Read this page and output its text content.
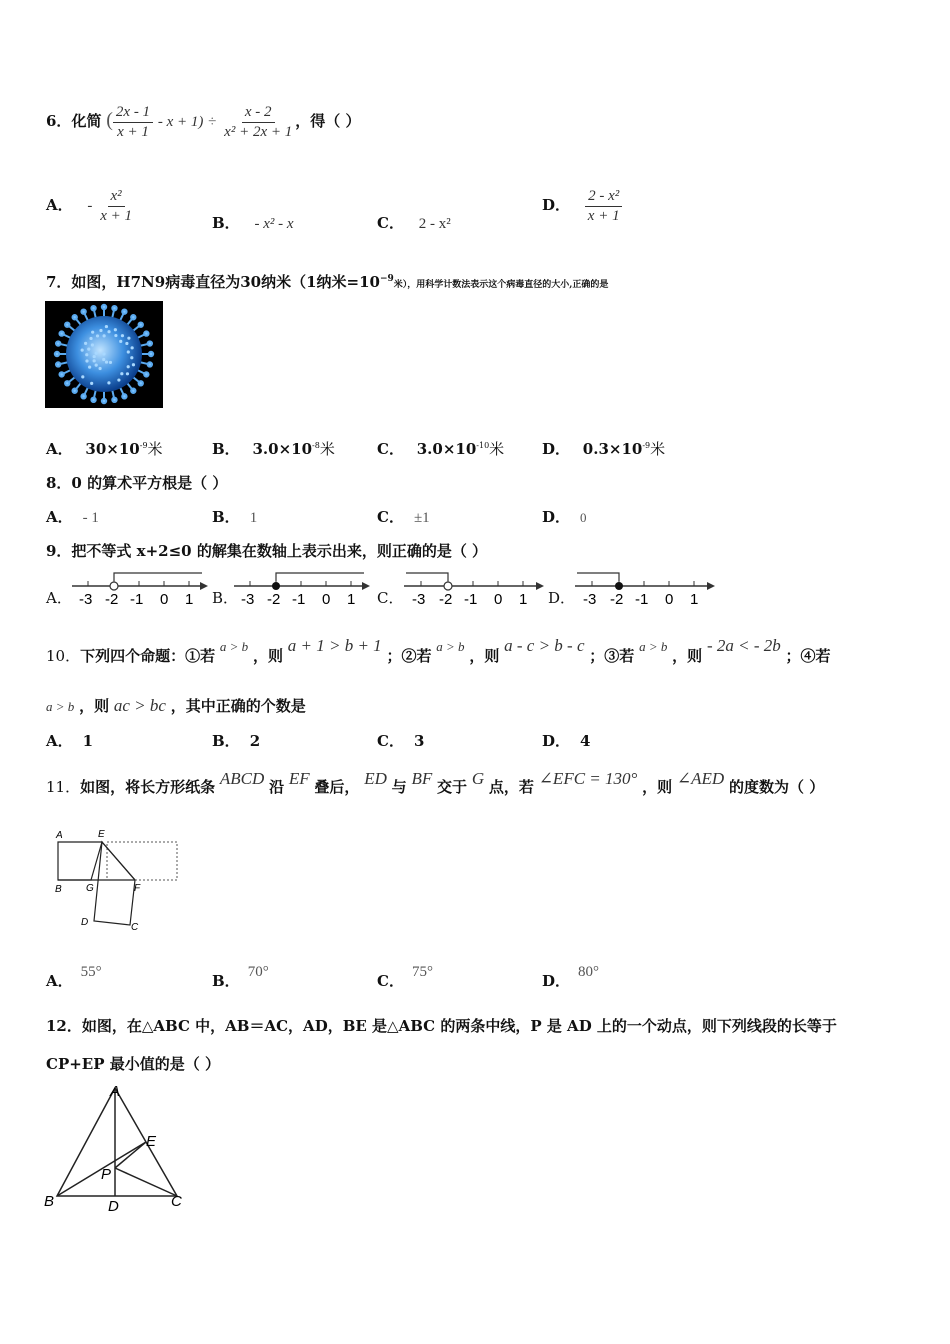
6．化简 ( $\frac{2x - 1}{x + 1} - x + 1) \div \frac{x - 2}{\text{x² + 2x + 1}}$ ，得（ ）
A． - $\frac{\text{x²}}{x + 1}$	B． - x² - x	C． 2 - x²
D． $\frac{\text{2 - x²}}{x + 1}$
7．如图，H7N9病毒直径为30纳米（1纳米$=10^{-9}$米），用科学计数法表示这个病毒直径的大小,正确的是
A． $30\times 10^{-9}$米	B． $3.0\times 10^{-8}$米	C． $3.0\times 10^{-10}$米	D． $0.3\times 10^{-9}$米
8．0 的算术平方根是（ ）
A． - 1	B． 1	C． ±1	D． 0
9．把不等式 x+2≤0 的解集在数轴上表示出来，则正确的是（ ）
A．	B．	C．	D．
-3 -2 -1 0 1	-3 -2 -1 0 1	-3 -2 -1 0 1	-3 -2 -1 0 1
10．下列四个命题：①若 a > b ，则 a + 1 > b + 1 ；②若 a > b ，则 a - c > b - c ；③若 a > b ，则 - 2a < - 2b ；④若
a > b ，则 ac > bc ，其中正确的个数是
A． 1	B． 2	C． 3	D． 4
11．如图，将长方形纸条 ABCD 沿 EF 叠后， ED 与 BF 交于 G 点，若 ∠EFC = 130° ，则 ∠AED 的度数为（ ）
A	E
B G	F
D	C
A． 55°	B． 70°	C． 75°	D． 80°
12．如图，在△ABC 中，AB＝AC，AD，BE 是△ABC 的两条中线，P 是 AD 上的一个动点，则下列线段的长等于
CP+EP 最小值的是（ ）
A
E
P
B	D	C
